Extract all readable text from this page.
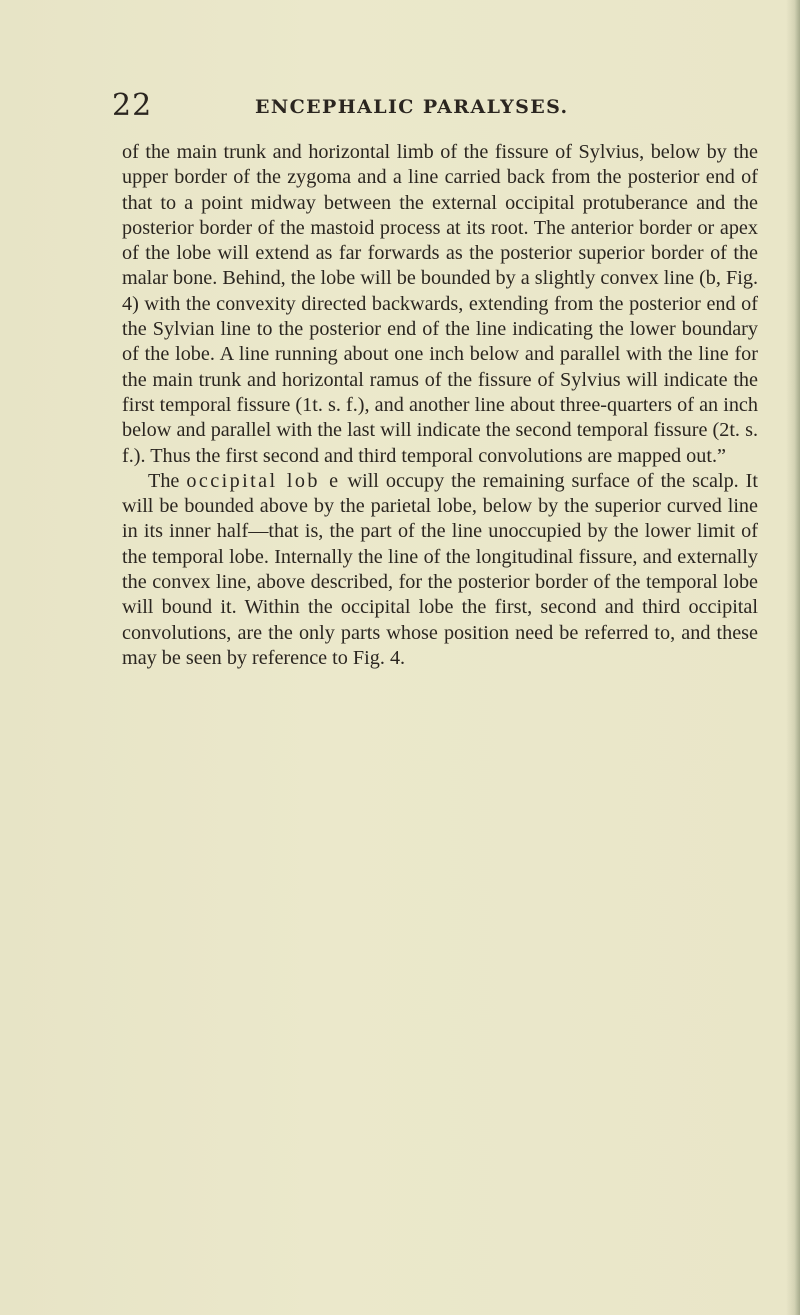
22	ENCEPHALIC PARALYSES.

of the main trunk and horizontal limb of the fissure of Sylvius, below by the upper border of the zygoma and a line carried back from the posterior end of that to a point midway between the external occipital protuberance and the posterior border of the mastoid process at its root. The anterior border or apex of the lobe will extend as far forwards as the posterior superior border of the malar bone. Behind, the lobe will be bounded by a slightly convex line (b, Fig. 4) with the convexity directed backwards, extending from the posterior end of the Sylvian line to the posterior end of the line indicating the lower boundary of the lobe. A line running about one inch below and parallel with the line for the main trunk and horizontal ramus of the fissure of Sylvius will indicate the first temporal fissure (1t. s. f.), and another line about three-quarters of an inch below and parallel with the last will indicate the second temporal fissure (2t. s. f.). Thus the first second and third temporal convolutions are mapped out.”

The occipital lob e will occupy the remaining surface of the scalp. It will be bounded above by the parietal lobe, below by the superior curved line in its inner half—that is, the part of the line unoccupied by the lower limit of the temporal lobe. Internally the line of the longitudinal fissure, and externally the convex line, above described, for the posterior border of the temporal lobe will bound it. Within the occipital lobe the first, second and third occipital convolutions, are the only parts whose position need be referred to, and these may be seen by reference to Fig. 4.
